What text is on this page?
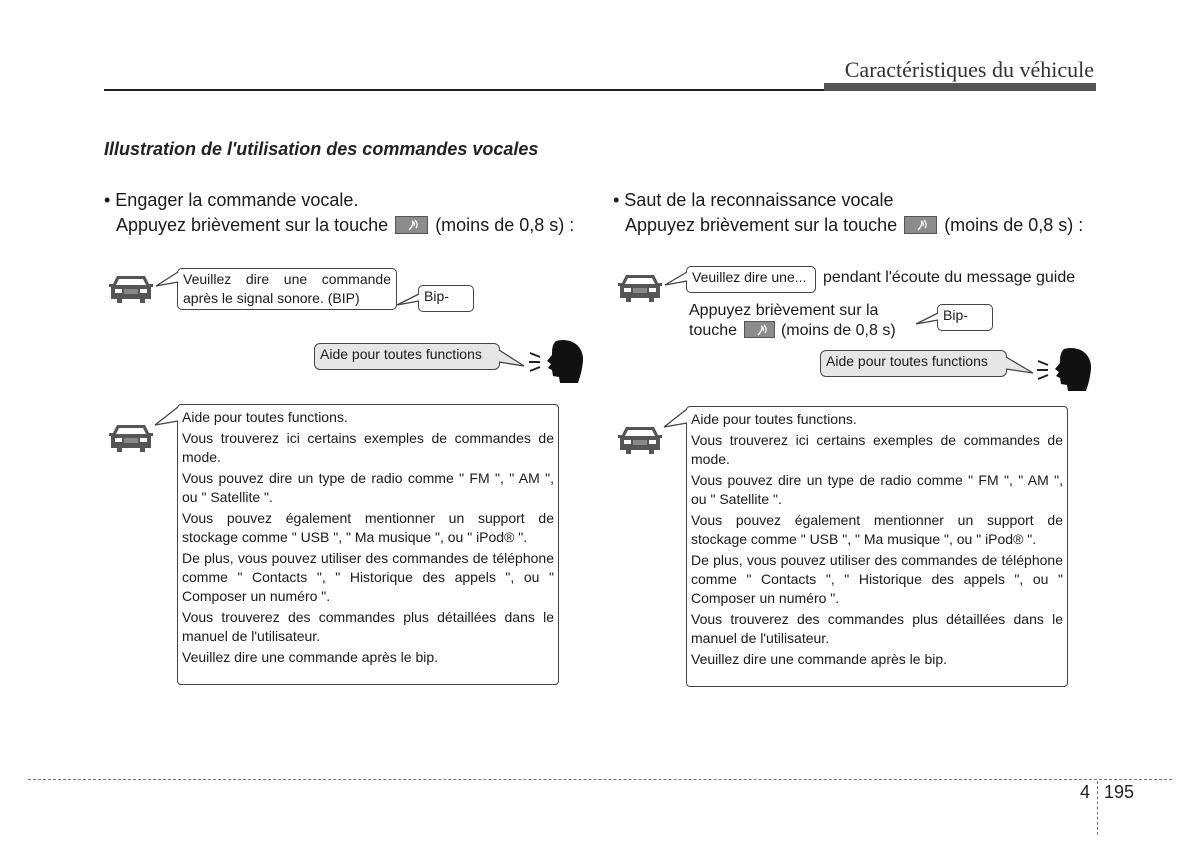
Caractéristiques du véhicule
Illustration de l'utilisation des commandes vocales
• Engager la commande vocale.
Appuyez brièvement sur la touche	(moins de 0,8 s) :
Veuillez dire une commande
après le signal sonore. (BIP)	Bip-
Aide pour toutes functions

Aide pour toutes functions.

Vous trouverez ici certains exemples de commandes de mode.

Vous pouvez dire un type de radio comme " FM ", " AM ", ou " Satellite ".

Vous pouvez également mentionner un support de stockage comme " USB ", " Ma musique ", ou " iPod® ".

De plus, vous pouvez utiliser des commandes de téléphone comme " Contacts ", " Historique des appels ", ou " Composer un numéro ".

Vous trouverez des commandes plus détaillées dans le manuel de l'utilisateur.

Veuillez dire une commande après le bip.

• Saut de la reconnaissance vocale
Appuyez brièvement sur la touche	(moins de 0,8 s) :
Veuillez dire une...	pendant l'écoute du message guide
Appuyez brièvement sur la
touche	(moins de 0,8 s)
Bip-
Aide pour toutes functions

Aide pour toutes functions.

Vous trouverez ici certains exemples de commandes de mode.

Vous pouvez dire un type de radio comme " FM ", " AM ", ou " Satellite ".

Vous pouvez également mentionner un support de stockage comme " USB ", " Ma musique ", ou " iPod® ".

De plus, vous pouvez utiliser des commandes de téléphone comme " Contacts ", " Historique des appels ", ou " Composer un numéro ".

Vous trouverez des commandes plus détaillées dans le manuel de l'utilisateur.

Veuillez dire une commande après le bip.

4 195
